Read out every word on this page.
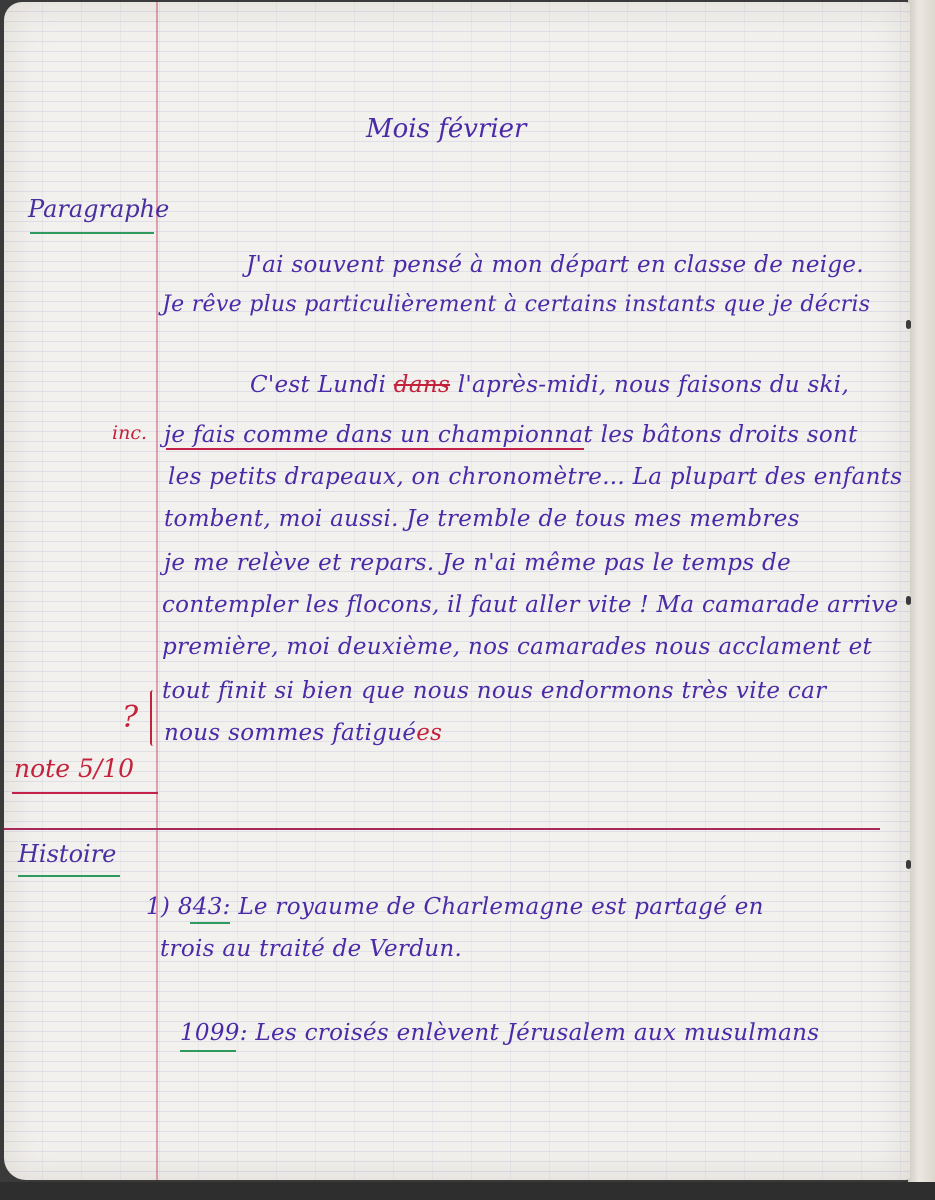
Mois février
Paragraphe
J'ai souvent pensé à mon départ en classe de neige.
Je rêve plus particulièrement à certains instants que je décris
C'est Lundi dans l'après-midi, nous faisons du ski,
inc. je fais comme dans un championnat les bâtons droits sont
les petits drapeaux, on chronomètre... La plupart des enfants
tombent, moi aussi. Je tremble de tous mes membres
je me relève et repars. Je n'ai même pas le temps de
contempler les flocons, il faut aller vite ! Ma camarade arrive
première, moi deuxième, nos camarades nous acclament et
tout finit si bien que nous nous endormons très vite car
? nous sommes fatiguées
note 5/10
Histoire
1) 843: Le royaume de Charlemagne est partagé en
trois au traité de Verdun.
1099: Les croisés enlèvent Jérusalem aux musulmans
